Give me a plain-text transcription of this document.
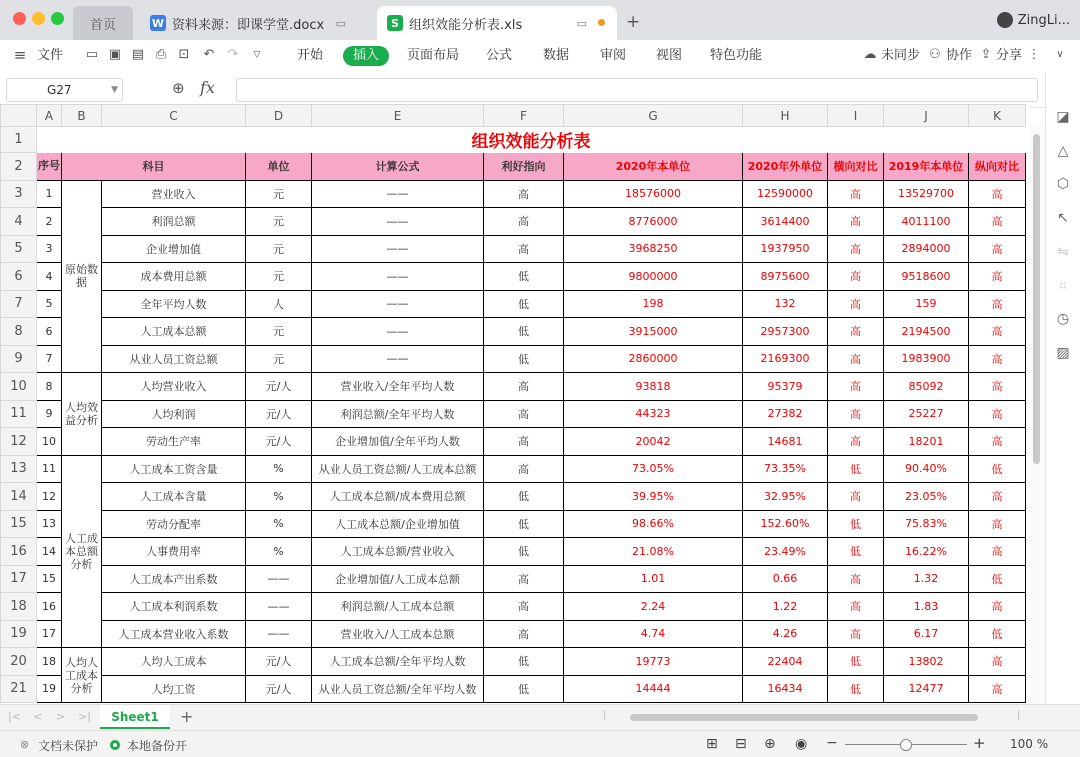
首页	W 资料来源：即课学堂.docx ▭	S 组织效能分析表.xls	▭ +	ZingLi...
≡ 文件 ▭ ▣ ▤ ⎙ ⊡ ↶ ↷	▽	开始	插入	页面布局 公式 数据 审阅 视图 特色功能	☁ 未同步 ⚇ 协作 ⇪ 分享 ⋮	∨
G27	▼	⊕ fx
◪
△
⬡
↖
⇋
⌗
◷
▨
	A	B	C	D	E	F	G	H	I	J	K
1	组织效能分析表										
2	序号	科目		单位	计算公式	利好指向	2020年本单位	2020年外单位	横向对比	2019年本单位	纵向对比
3	1	原始数据	营业收入	元	——	高	18576000	12590000	高	13529700	高
4	2		利润总额	元	——	高	8776000	3614400	高	4011100	高
5	3		企业增加值	元	——	高	3968250	1937950	高	2894000	高
6	4		成本费用总额	元	——	低	9800000	8975600	高	9518600	高
7	5		全年平均人数	人	——	低	198	132	高	159	高
8	6		人工成本总额	元	——	低	3915000	2957300	高	2194500	高
9	7		从业人员工资总额	元	——	低	2860000	2169300	高	1983900	高
10	8	人均效益分析	人均营业收入	元/人	营业收入/全年平均人数	高	93818	95379	高	85092	高
11	9		人均利润	元/人	利润总额/全年平均人数	高	44323	27382	高	25227	高
12	10		劳动生产率	元/人	企业增加值/全年平均人数	高	20042	14681	高	18201	高
13	11	人工成本总额分析	人工成本工资含量	%	从业人员工资总额/人工成本总额	高	73.05%	73.35%	低	90.40%	低
14	12		人工成本含量	%	人工成本总额/成本费用总额	低	39.95%	32.95%	高	23.05%	高
15	13		劳动分配率	%	人工成本总额/企业增加值	低	98.66%	152.60%	低	75.83%	高
16	14		人事费用率	%	人工成本总额/营业收入	低	21.08%	23.49%	低	16.22%	高
17	15		人工成本产出系数	——	企业增加值/人工成本总额	高	1.01	0.66	高	1.32	低
18	16		人工成本利润系数	——	利润总额/人工成本总额	高	2.24	1.22	高	1.83	高
19	17		人工成本营业收入系数	——	营业收入/人工成本总额	高	4.74	4.26	高	6.17	低
20	18	人均人工成本分析	人均人工成本	元/人	人工成本总额/全年平均人数	低	19773	22404	低	13802	高
21	19		人均工资	元/人	从业人员工资总额/全年平均人数	低	14444	16434	低	12477	高
|< < > >|	Sheet1	+	|	|
⊗ 文档未保护 本地备份开	⊞ ⊟ ⊕ ◉ −	+ 100 %
